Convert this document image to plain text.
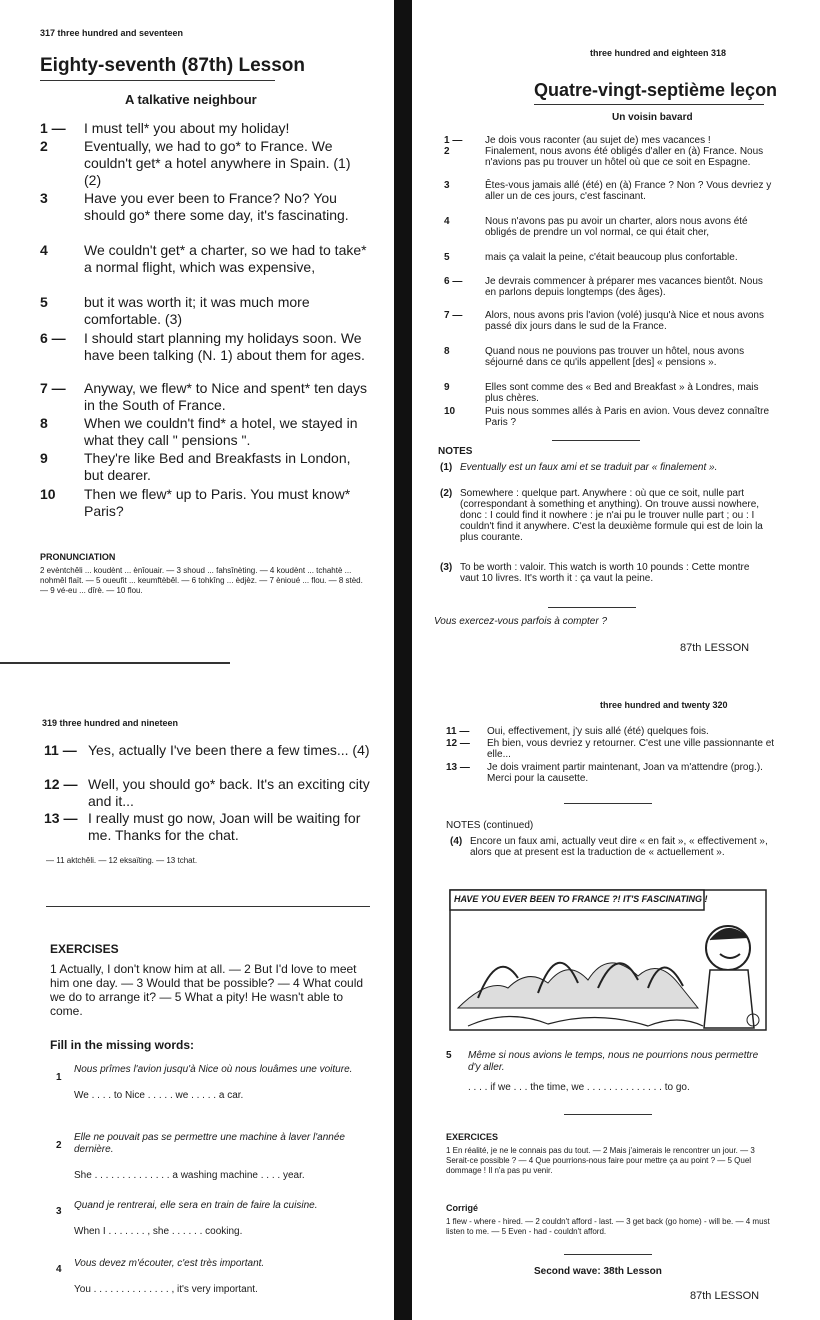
317 three hundred and seventeen
Eighty-seventh (87th) Lesson
A talkative neighbour
1 —	I must tell* you about my holiday!
2	Eventually, we had to go* to France. We couldn't get* a hotel anywhere in Spain. (1) (2)
3	Have you ever been to France? No? You should go* there some day, it's fascinating.
4	We couldn't get* a charter, so we had to take* a normal flight, which was expensive,
5	but it was worth it; it was much more comfortable. (3)
6 —	I should start planning my holidays soon. We have been talking (N. 1) about them for ages.
7 —	Anyway, we flew* to Nice and spent* ten days in the South of France.
8	When we couldn't find* a hotel, we stayed in what they call " pensions ".
9	They're like Bed and Breakfasts in London, but dearer.
10	Then we flew* up to Paris. You must know* Paris?
PRONUNCIATION
2 evèntchêli ... koudènt ... ènîouair. — 3 shoud ... fahsînèting. — 4 koudènt ... tchahtè ... nohmêl flaït. — 5 oueufit ... keumftèbêl. — 6 tohkîng ... èdjèz. — 7 ènioué ... flou. — 8 stèd. — 9 vé-eu ... dîrè. — 10 flou.
three hundred and eighteen 318
Quatre-vingt-septième leçon
Un voisin bavard
1 —	Je dois vous raconter (au sujet de) mes vacances !
2	Finalement, nous avons été obligés d'aller en (à) France. Nous n'avions pas pu trouver un hôtel où que ce soit en Espagne.
3	Êtes-vous jamais allé (été) en (à) France ? Non ? Vous devriez y aller un de ces jours, c'est fascinant.
4	Nous n'avons pas pu avoir un charter, alors nous avons été obligés de prendre un vol normal, ce qui était cher,
5	mais ça valait la peine, c'était beaucoup plus confortable.
6 —	Je devrais commencer à préparer mes vacances bientôt. Nous en parlons depuis longtemps (des âges).
7 —	Alors, nous avons pris l'avion (volé) jusqu'à Nice et nous avons passé dix jours dans le sud de la France.
8	Quand nous ne pouvions pas trouver un hôtel, nous avons séjourné dans ce qu'ils appellent [des] « pensions ».
9	Elles sont comme des « Bed and Breakfast » à Londres, mais plus chères.
10	Puis nous sommes allés à Paris en avion. Vous devez connaître Paris ?
NOTES
(1) Eventually est un faux ami et se traduit par « finalement ».
(2) Somewhere : quelque part. Anywhere : où que ce soit, nulle part (correspondant à something et anything). On trouve aussi nowhere, donc : I could find it nowhere : je n'ai pu le trouver nulle part ; ou : I couldn't find it anywhere. C'est la deuxième formule qui est de loin la plus courante.
(3) To be worth : valoir. This watch is worth 10 pounds : Cette montre vaut 10 livres. It's worth it : ça vaut la peine.
Vous exercez-vous parfois à compter ?
87th LESSON
319 three hundred and nineteen
11 — Yes, actually I've been there a few times... (4)
12 — Well, you should go* back. It's an exciting city and it...
13 — I really must go now, Joan will be waiting for me. Thanks for the chat.
— 11 aktchêli. — 12 eksaïting. — 13 tchat.
EXERCISES
1 Actually, I don't know him at all. — 2 But I'd love to meet him one day. — 3 Would that be possible? — 4 What could we do to arrange it? — 5 What a pity! He wasn't able to come.
Fill in the missing words:
1
Nous prîmes l'avion jusqu'à Nice où nous louâmes une voiture.
We . . . . to Nice . . . . . we . . . . . a car.
2
Elle ne pouvait pas se permettre une machine à laver l'année dernière.
She . . . . . . . . . . . . . . a washing machine . . . . year.
3
Quand je rentrerai, elle sera en train de faire la cuisine.
When I . . . . . . . , she . . . . . . cooking.
4
Vous devez m'écouter, c'est très important.
You . . . . . . . . . . . . . . , it's very important.
three hundred and twenty 320
11 —	Oui, effectivement, j'y suis allé (été) quelques fois.
12 —	Eh bien, vous devriez y retourner. C'est une ville passionnante et elle...
13 —	Je dois vraiment partir maintenant, Joan va m'attendre (prog.). Merci pour la causette.
NOTES (continued)
(4) Encore un faux ami, actually veut dire « en fait », « effectivement », alors que at present est la traduction de « actuellement ».
HAVE YOU EVER BEEN TO FRANCE ?! IT'S FASCINATING !
5 Même si nous avions le temps, nous ne pourrions nous permettre d'y aller.
. . . . if we . . . the time, we . . . . . . . . . . . . . . to go.
EXERCICES
1 En réalité, je ne le connais pas du tout. — 2 Mais j'aimerais le rencontrer un jour. — 3 Serait-ce possible ? — 4 Que pourrions-nous faire pour mettre ça au point ? — 5 Quel dommage ! Il n'a pas pu venir.
Corrigé
1 flew - where - hired. — 2 couldn't afford - last. — 3 get back (go home) - will be. — 4 must listen to me. — 5 Even - had - couldn't afford.
Second wave: 38th Lesson
87th LESSON
